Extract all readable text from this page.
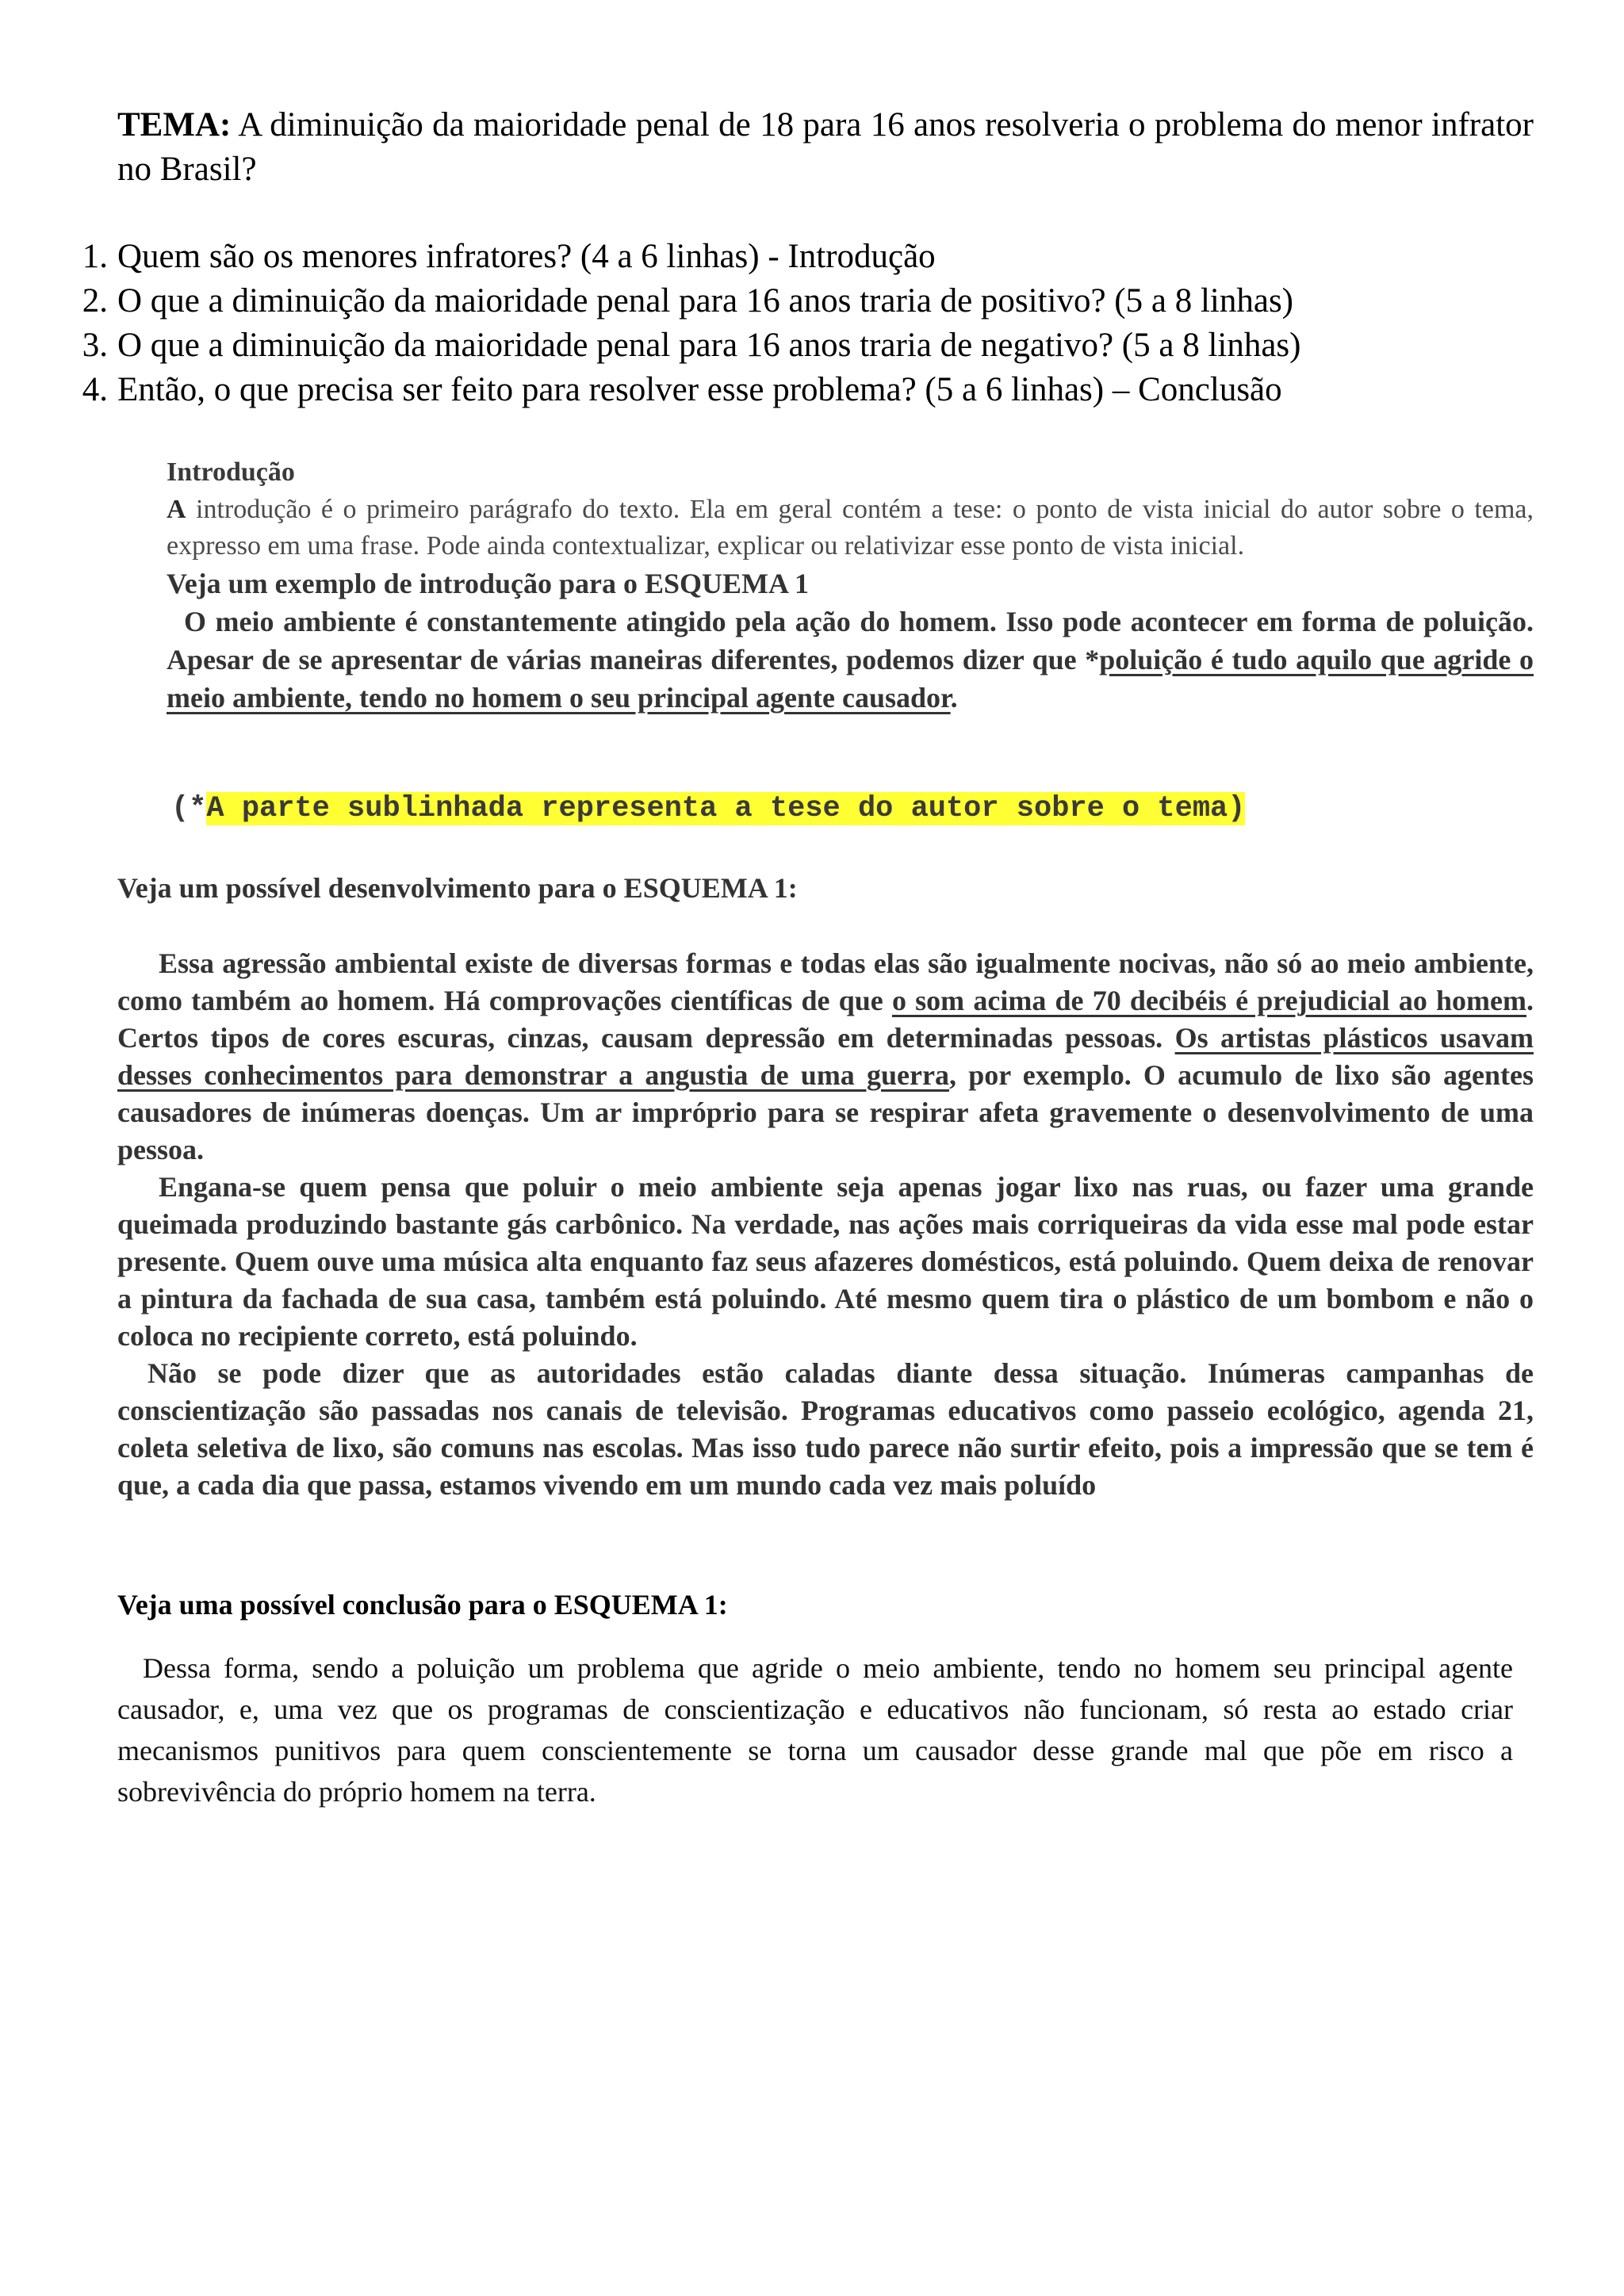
TEMA: A diminuição da maioridade penal de 18 para 16 anos resolveria o problema do menor infrator no Brasil?
1. Quem são os menores infratores? (4 a 6 linhas) - Introdução
2. O que a diminuição da maioridade penal para 16 anos traria de positivo? (5 a 8 linhas)
3. O que a diminuição da maioridade penal para 16 anos traria de negativo? (5 a 8 linhas)
4. Então, o que precisa ser feito para resolver esse problema? (5 a 6 linhas) – Conclusão
Introdução
A introdução é o primeiro parágrafo do texto. Ela em geral contém a tese: o ponto de vista inicial do autor sobre o tema, expresso em uma frase. Pode ainda contextualizar, explicar ou relativizar esse ponto de vista inicial.
Veja um exemplo de introdução para o ESQUEMA 1
O meio ambiente é constantemente atingido pela ação do homem. Isso pode acontecer em forma de poluição. Apesar de se apresentar de várias maneiras diferentes, podemos dizer que *poluição é tudo aquilo que agride o meio ambiente, tendo no homem o seu principal agente causador.
(*A parte sublinhada representa a tese do autor sobre o tema)
Veja um possível desenvolvimento para o ESQUEMA 1:

Essa agressão ambiental existe de diversas formas e todas elas são igualmente nocivas, não só ao meio ambiente, como também ao homem. Há comprovações científicas de que o som acima de 70 decibéis é prejudicial ao homem. Certos tipos de cores escuras, cinzas, causam depressão em determinadas pessoas. Os artistas plásticos usavam desses conhecimentos para demonstrar a angustia de uma guerra, por exemplo. O acumulo de lixo são agentes causadores de inúmeras doenças. Um ar impróprio para se respirar afeta gravemente o desenvolvimento de uma pessoa.

Engana-se quem pensa que poluir o meio ambiente seja apenas jogar lixo nas ruas, ou fazer uma grande queimada produzindo bastante gás carbônico. Na verdade, nas ações mais corriqueiras da vida esse mal pode estar presente. Quem ouve uma música alta enquanto faz seus afazeres domésticos, está poluindo. Quem deixa de renovar a pintura da fachada de sua casa, também está poluindo. Até mesmo quem tira o plástico de um bombom e não o coloca no recipiente correto, está poluindo.

Não se pode dizer que as autoridades estão caladas diante dessa situação. Inúmeras campanhas de conscientização são passadas nos canais de televisão. Programas educativos como passeio ecológico, agenda 21, coleta seletiva de lixo, são comuns nas escolas. Mas isso tudo parece não surtir efeito, pois a impressão que se tem é que, a cada dia que passa, estamos vivendo em um mundo cada vez mais poluído

Veja uma possível conclusão para o ESQUEMA 1:

Dessa forma, sendo a poluição um problema que agride o meio ambiente, tendo no homem seu principal agente causador, e, uma vez que os programas de conscientização e educativos não funcionam, só resta ao estado criar mecanismos punitivos para quem conscientemente se torna um causador desse grande mal que põe em risco a sobrevivência do próprio homem na terra.
